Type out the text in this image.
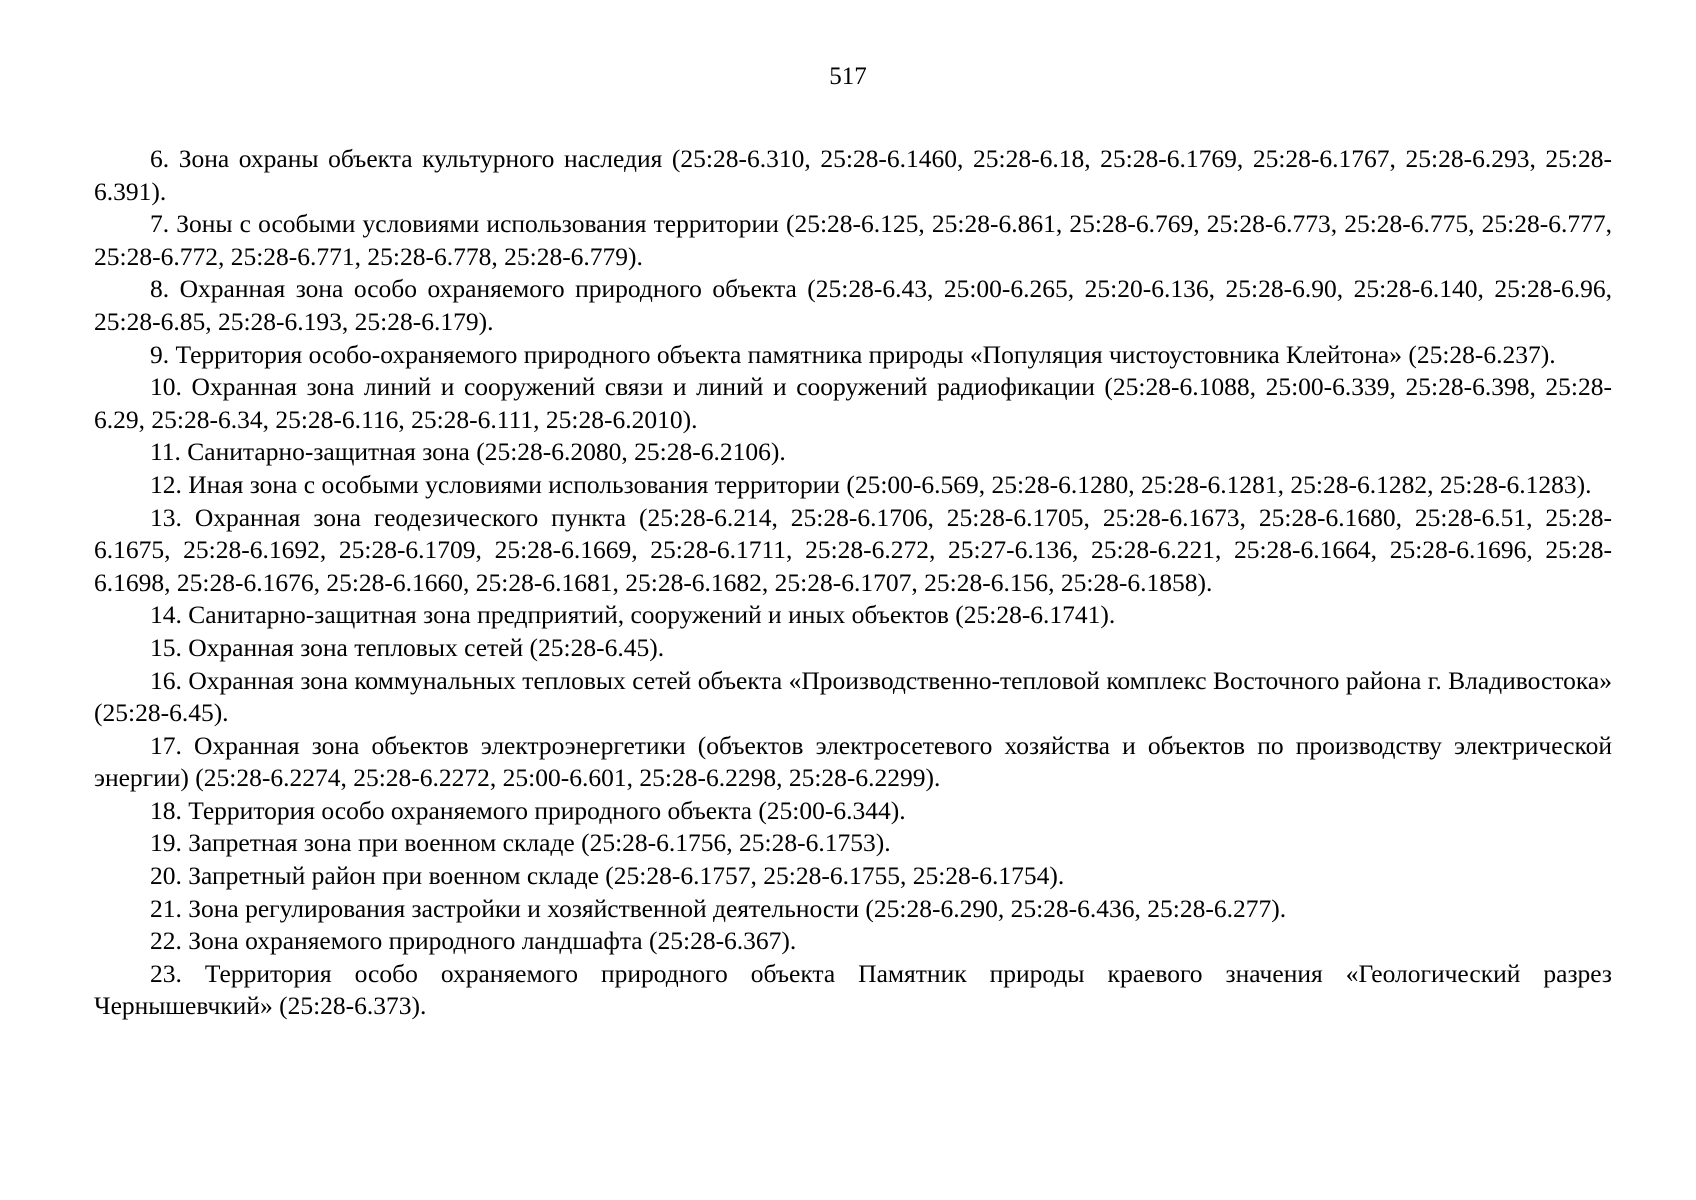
517

6. Зона охраны объекта культурного наследия (25:28-6.310, 25:28-6.1460, 25:28-6.18, 25:28-6.1769, 25:28-6.1767, 25:28-6.293, 25:28-6.391).

7. Зоны с особыми условиями использования территории (25:28-6.125, 25:28-6.861, 25:28-6.769, 25:28-6.773, 25:28-6.775, 25:28-6.777, 25:28-6.772, 25:28-6.771, 25:28-6.778, 25:28-6.779).

8. Охранная зона особо охраняемого природного объекта (25:28-6.43, 25:00-6.265, 25:20-6.136, 25:28-6.90, 25:28-6.140, 25:28-6.96, 25:28-6.85, 25:28-6.193, 25:28-6.179).

9. Территория особо-охраняемого природного объекта памятника природы «Популяция чистоустовника Клейтона» (25:28-6.237).

10. Охранная зона линий и сооружений связи и линий и сооружений радиофикации (25:28-6.1088, 25:00-6.339, 25:28-6.398, 25:28-6.29, 25:28-6.34, 25:28-6.116, 25:28-6.111, 25:28-6.2010).

11. Санитарно-защитная зона (25:28-6.2080, 25:28-6.2106).

12. Иная зона с особыми условиями использования территории (25:00-6.569, 25:28-6.1280, 25:28-6.1281, 25:28-6.1282, 25:28-6.1283).

13. Охранная зона геодезического пункта (25:28-6.214, 25:28-6.1706, 25:28-6.1705, 25:28-6.1673, 25:28-6.1680, 25:28-6.51, 25:28-6.1675, 25:28-6.1692, 25:28-6.1709, 25:28-6.1669, 25:28-6.1711, 25:28-6.272, 25:27-6.136, 25:28-6.221, 25:28-6.1664, 25:28-6.1696, 25:28-6.1698, 25:28-6.1676, 25:28-6.1660, 25:28-6.1681, 25:28-6.1682, 25:28-6.1707, 25:28-6.156, 25:28-6.1858).

14. Санитарно-защитная зона предприятий, сооружений и иных объектов (25:28-6.1741).

15. Охранная зона тепловых сетей (25:28-6.45).

16. Охранная зона коммунальных тепловых сетей объекта «Производственно-тепловой комплекс Восточного района г. Владивостока» (25:28-6.45).

17. Охранная зона объектов электроэнергетики (объектов электросетевого хозяйства и объектов по производству электрической энергии) (25:28-6.2274, 25:28-6.2272, 25:00-6.601, 25:28-6.2298, 25:28-6.2299).

18. Территория особо охраняемого природного объекта (25:00-6.344).

19. Запретная зона при военном складе (25:28-6.1756, 25:28-6.1753).

20. Запретный район при военном складе (25:28-6.1757, 25:28-6.1755, 25:28-6.1754).

21. Зона регулирования застройки и хозяйственной деятельности (25:28-6.290, 25:28-6.436, 25:28-6.277).

22. Зона охраняемого природного ландшафта (25:28-6.367).

23. Территория особо охраняемого природного объекта Памятник природы краевого значения «Геологический разрез Чернышевчкий» (25:28-6.373).
